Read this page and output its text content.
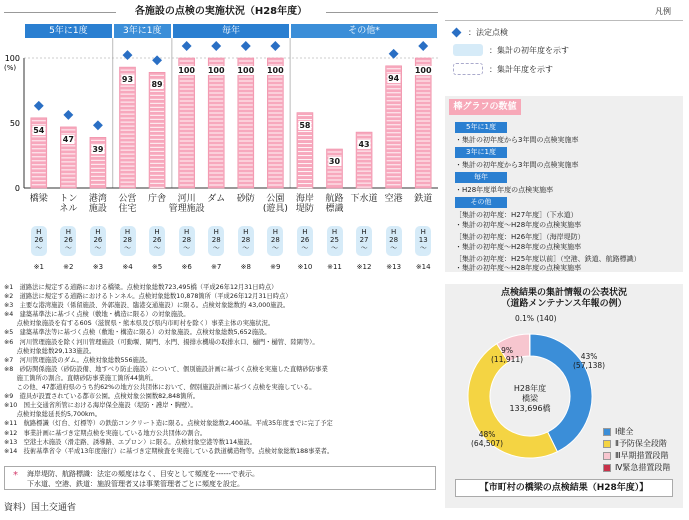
各施設の点検の実施状況（H28年度）
5年に1度	3年に1度	毎年	その他*
0
50
100
(%)
54
橋梁
H
26
〜
※1
47
トン
ネル
H
26
〜
※2
39
港湾
施設
H
26
〜
※3
93
公営
住宅
H
28
〜
※4
89
庁舎
H
26
〜
※5
100
河川
管理施設
H
28
〜
※6
100
ダム
H
28
〜
※7
100
砂防
H
28
〜
※8
100
公園
(遊具)
H
28
〜
※9
58
海岸
堤防
H
26
〜
※10
30
航路
標識
H
25
〜
※11
43
下水道
H
27
〜
※12
94
空港
H
28
〜
※13
100
鉄道
H
13
〜
※14
凡例
：法定点検
：集計の初年度を示す
：集計年度を示す
棒グラフの数値
5年に1度
・集計の初年度から3年間の点検実施率
3年に1度
・集計の初年度から3年間の点検実施率
毎年
・H28年度単年度の点検実施率
その他
［集計の初年度：H27年度］（下水道）
・集計の初年度〜H28年度の点検実施率
［集計の初年度：H26年度］（海岸堤防）
・集計の初年度〜H28年度の点検実施率
［集計の初年度：H25年度以前］（空港、鉄道、航路標識）
・集計の初年度〜H28年度の点検実施率
※1　道路法に規定する道路における橋梁。点検対象総数723,495橋（平成26年12月31日時点）
※2　道路法に規定する道路におけるトンネル。点検対象総数10,878箇所（平成26年12月31日時点）
※3　主要な港湾施設（係留施設、外郭施設、臨港交通施設）に限る。点検対象総数約 43,000施設。
※4　建築基準法に基づく点検（敷地・構造に限る）の対象施設。
　　点検対象施設を有する60S（滋賀県・熊本県及び県内市町村を除く）事業主体の実施状況。
※5　建築基準法等に基づく点検（敷地・構造に限る）の対象施設。点検対象総数5,652施設。
※6　河川管理施設を除く河川管理施設（可動堰、閘門、水門、揚排水機場の取排水口、樋門・樋管、陸閘等）。
　　点検対象総数29,133施設。
※7　河川管理施設のダム。点検対象総数556施設。
※8　砂防関係施設（砂防設備、地すべり防止施設）について、個別施設計画に基づく点検を実施した直轄砂防事業
　　施工箇所の割合。直轄砂防事業施工箇所44箇所。
　　この他、47都道府県のうち約62%の地方公共団体において、個別施設計画に基づく点検を実施している。
※9　遊具が設置されている都市公園。点検対象公園数82,848箇所。
※10　国土交通省所管における海岸保全施設（堤防・護岸・胸壁）。
　　点検対象総延長約5,700km。
※11　航路標識（灯台、灯標等）の鉄筋コンクリート造に限る。点検対象総数2,400基。平成35年度までに完了予定
※12　事業計画に基づき定期点検を実施している地方公共団体の割合。
※13　空港土木施設（滑走路、誘導路、エプロン）に限る。点検対象空港等数114施設。
※14　技術基準省令（平成13年度施行）に基づき定期検査を実施している鉄道構造物等。点検対象総数188事業者。
* 海岸堤防、航路標識：法定の頻度はなく、目安として頻度を------で表示。
下水道、空港、鉄道：施設管理者又は事業管理者ごとに頻度を設定。
資料）国土交通省
点検結果の集計情報の公表状況
（道路メンテナンス年報の例）
H28年度
橋梁
133,696橋
43%
(57,138)
48%
(64,507)
9%
(11,911)
0.1% (140)
Ⅰ健全
Ⅱ予防保全段階
Ⅲ早期措置段階
Ⅳ緊急措置段階
【市町村の橋梁の点検結果（H28年度）】
